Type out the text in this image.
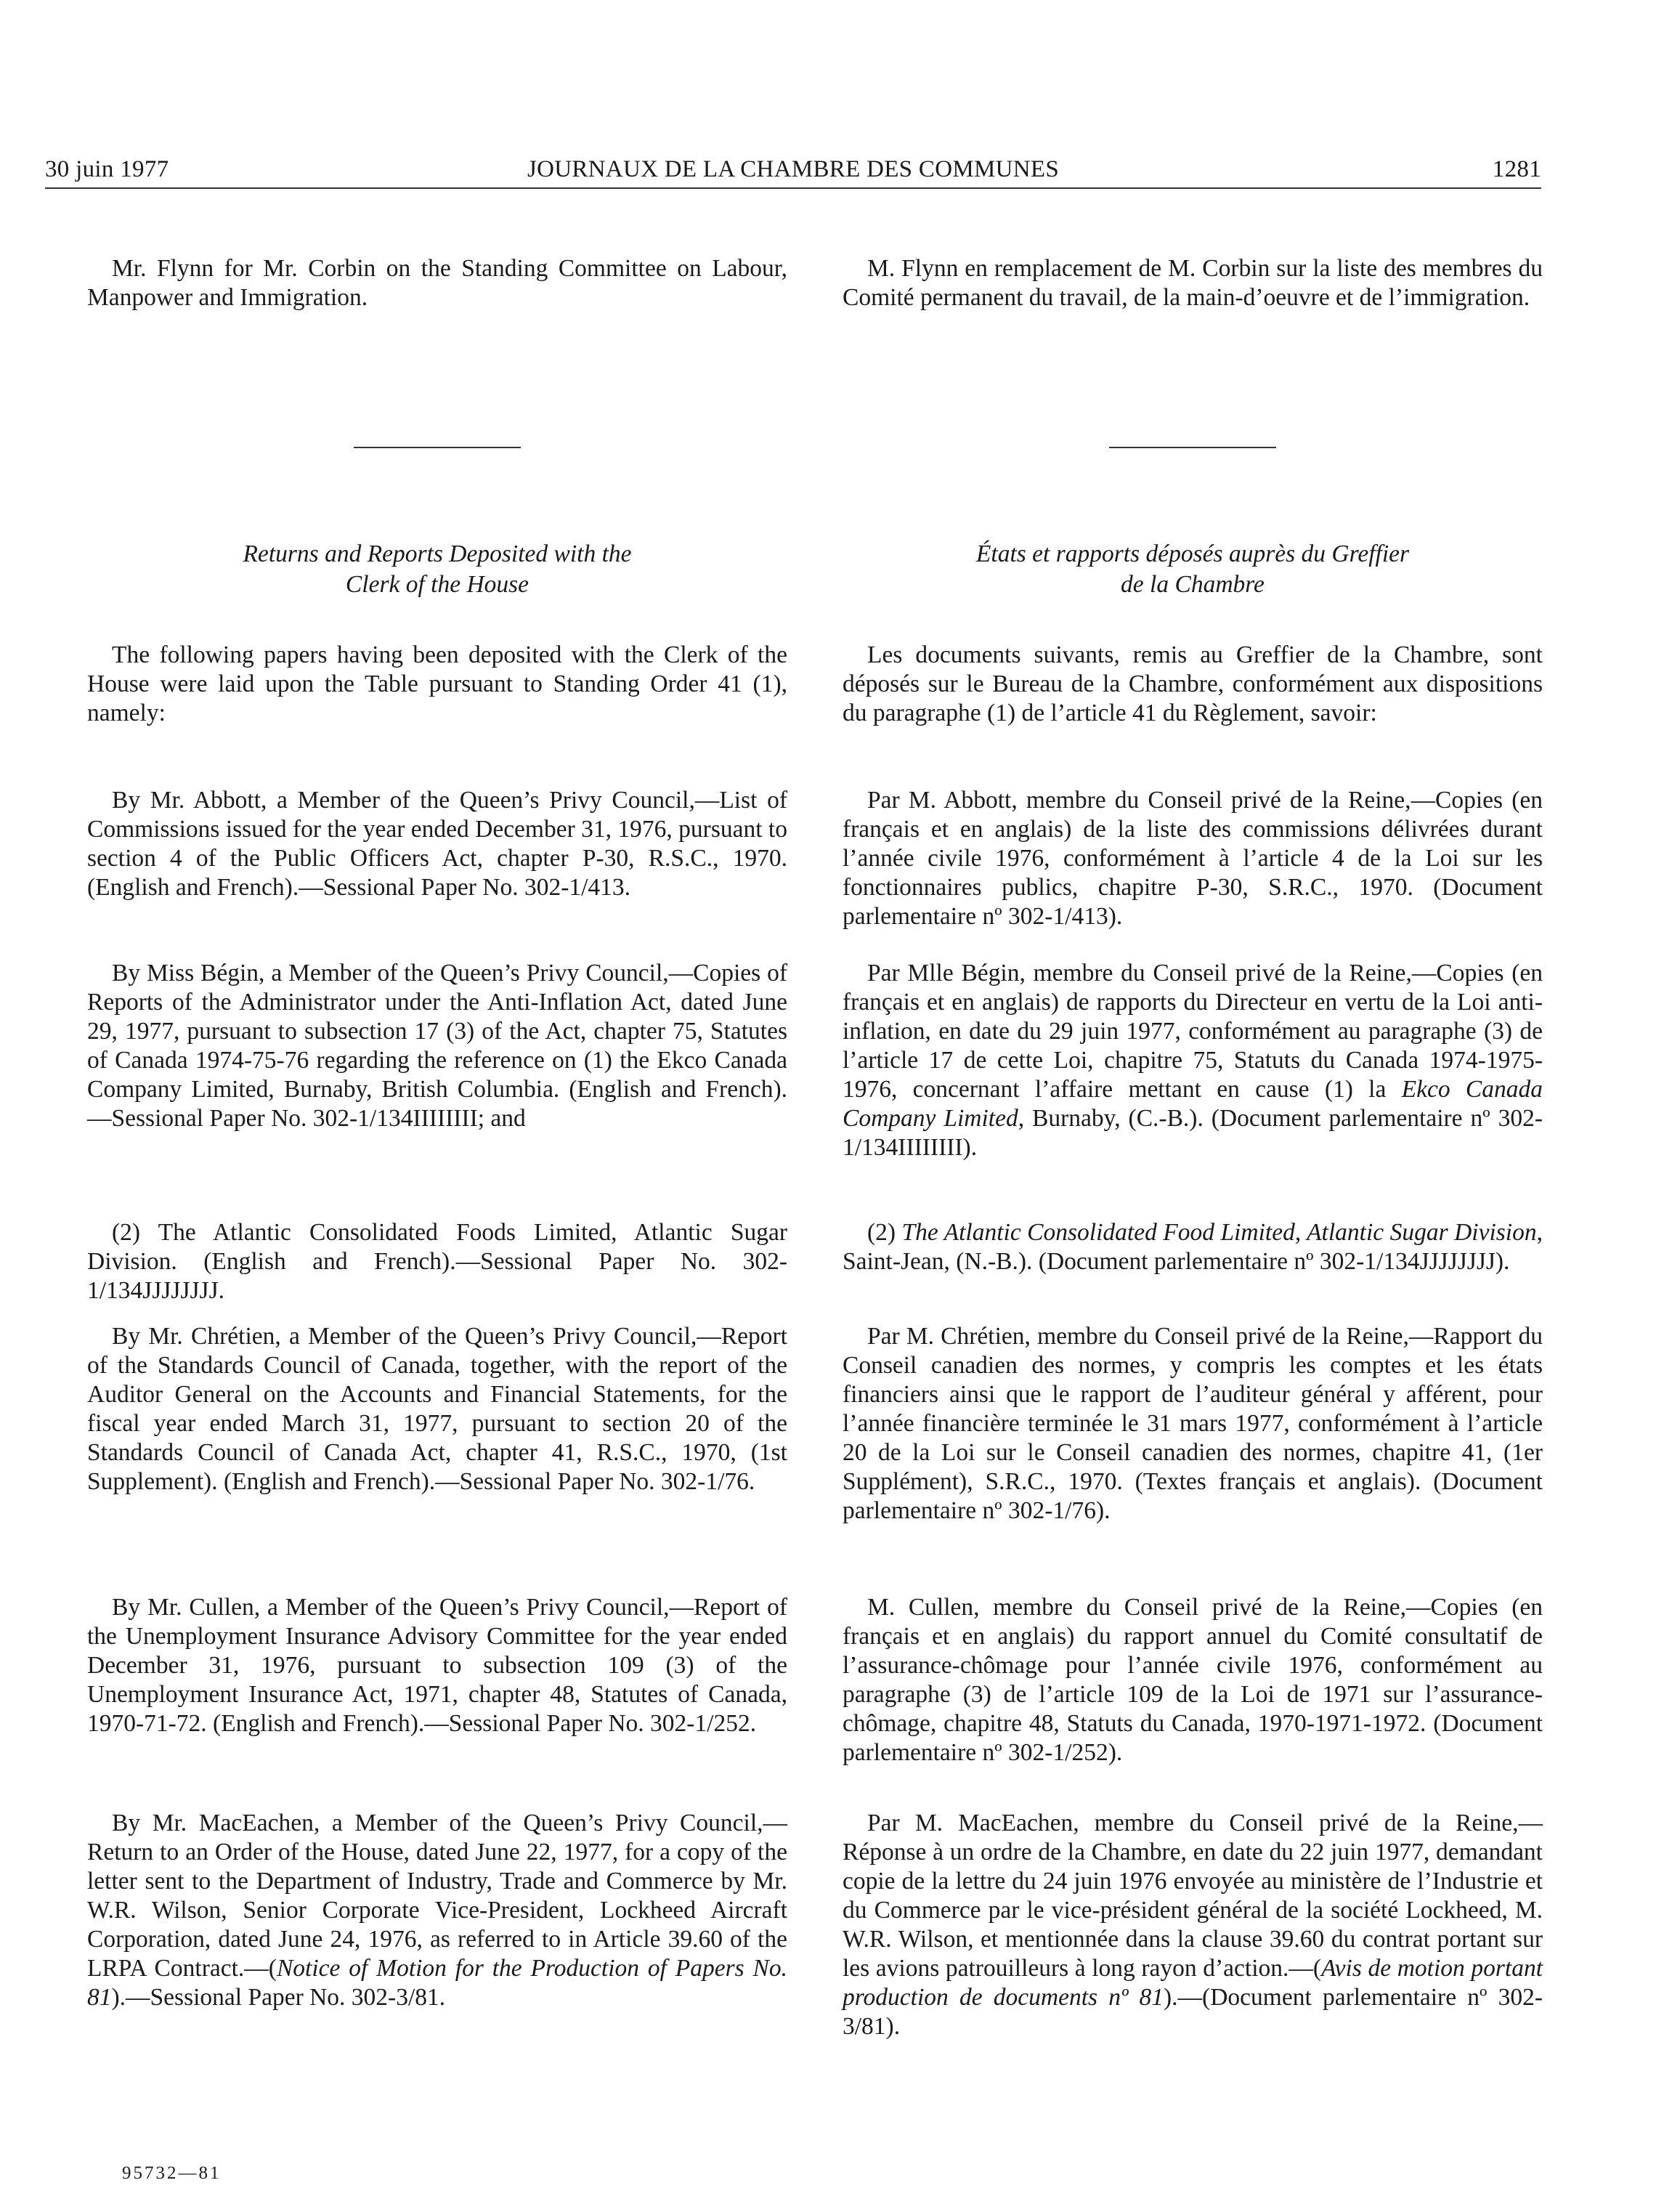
30 juin 1977	JOURNAUX DE LA CHAMBRE DES COMMUNES	1281

Mr. Flynn for Mr. Corbin on the Standing Committee on Labour, Manpower and Immigration.

Returns and Reports Deposited with the
Clerk of the House

The following papers having been deposited with the Clerk of the House were laid upon the Table pursuant to Standing Order 41 (1), namely:

By Mr. Abbott, a Member of the Queen’s Privy Council,—List of Commissions issued for the year ended December 31, 1976, pursuant to section 4 of the Public Officers Act, chapter P-30, R.S.C., 1970. (English and French).—Sessional Paper No. 302-1/413.

By Miss Bégin, a Member of the Queen’s Privy Council,—Copies of Reports of the Administrator under the Anti-Inflation Act, dated June 29, 1977, pursuant to subsection 17 (3) of the Act, chapter 75, Statutes of Canada 1974-75-76 regarding the reference on (1) the Ekco Canada Company Limited, Burnaby, British Columbia. (English and French).—Sessional Paper No. 302-1/134IIIIIIII; and

(2) The Atlantic Consolidated Foods Limited, Atlantic Sugar Division. (English and French).—Sessional Paper No. 302-1/134JJJJJJJJ.

By Mr. Chrétien, a Member of the Queen’s Privy Council,—Report of the Standards Council of Canada, together, with the report of the Auditor General on the Accounts and Financial Statements, for the fiscal year ended March 31, 1977, pursuant to section 20 of the Standards Council of Canada Act, chapter 41, R.S.C., 1970, (1st Supplement). (English and French).—Sessional Paper No. 302-1/76.

By Mr. Cullen, a Member of the Queen’s Privy Council,—Report of the Unemployment Insurance Advisory Committee for the year ended December 31, 1976, pursuant to subsection 109 (3) of the Unemployment Insurance Act, 1971, chapter 48, Statutes of Canada, 1970-71-72. (English and French).—Sessional Paper No. 302-1/252.

By Mr. MacEachen, a Member of the Queen’s Privy Council,—Return to an Order of the House, dated June 22, 1977, for a copy of the letter sent to the Department of Industry, Trade and Commerce by Mr. W.R. Wilson, Senior Corporate Vice-President, Lockheed Aircraft Corporation, dated June 24, 1976, as referred to in Article 39.60 of the LRPA Contract.—(Notice of Motion for the Production of Papers No. 81).—Sessional Paper No. 302-3/81.

M. Flynn en remplacement de M. Corbin sur la liste des membres du Comité permanent du travail, de la main-d’oeuvre et de l’immigration.

États et rapports déposés auprès du Greffier
de la Chambre

Les documents suivants, remis au Greffier de la Chambre, sont déposés sur le Bureau de la Chambre, conformément aux dispositions du paragraphe (1) de l’article 41 du Règlement, savoir:

Par M. Abbott, membre du Conseil privé de la Reine,—Copies (en français et en anglais) de la liste des commissions délivrées durant l’année civile 1976, conformément à l’article 4 de la Loi sur les fonctionnaires publics, chapitre P-30, S.R.C., 1970. (Document parlementaire nº 302-1/413).

Par Mlle Bégin, membre du Conseil privé de la Reine,—Copies (en français et en anglais) de rapports du Directeur en vertu de la Loi anti-inflation, en date du 29 juin 1977, conformément au paragraphe (3) de l’article 17 de cette Loi, chapitre 75, Statuts du Canada 1974-1975-1976, concernant l’affaire mettant en cause (1) la Ekco Canada Company Limited, Burnaby, (C.-B.). (Document parlementaire nº 302-1/134IIIIIIII).

(2) The Atlantic Consolidated Food Limited, Atlantic Sugar Division, Saint-Jean, (N.-B.). (Document parlementaire nº 302-1/134JJJJJJJJ).

Par M. Chrétien, membre du Conseil privé de la Reine,—Rapport du Conseil canadien des normes, y compris les comptes et les états financiers ainsi que le rapport de l’auditeur général y afférent, pour l’année financière terminée le 31 mars 1977, conformément à l’article 20 de la Loi sur le Conseil canadien des normes, chapitre 41, (1er Supplément), S.R.C., 1970. (Textes français et anglais). (Document parlementaire nº 302-1/76).

M. Cullen, membre du Conseil privé de la Reine,—Copies (en français et en anglais) du rapport annuel du Comité consultatif de l’assurance-chômage pour l’année civile 1976, conformément au paragraphe (3) de l’article 109 de la Loi de 1971 sur l’assurance-chômage, chapitre 48, Statuts du Canada, 1970-1971-1972. (Document parlementaire nº 302-1/252).

Par M. MacEachen, membre du Conseil privé de la Reine,—Réponse à un ordre de la Chambre, en date du 22 juin 1977, demandant copie de la lettre du 24 juin 1976 envoyée au ministère de l’Industrie et du Commerce par le vice-président général de la société Lockheed, M. W.R. Wilson, et mentionnée dans la clause 39.60 du contrat portant sur les avions patrouilleurs à long rayon d’action.—(Avis de motion portant production de documents nº 81).—(Document parlementaire nº 302-3/81).

95732—81
